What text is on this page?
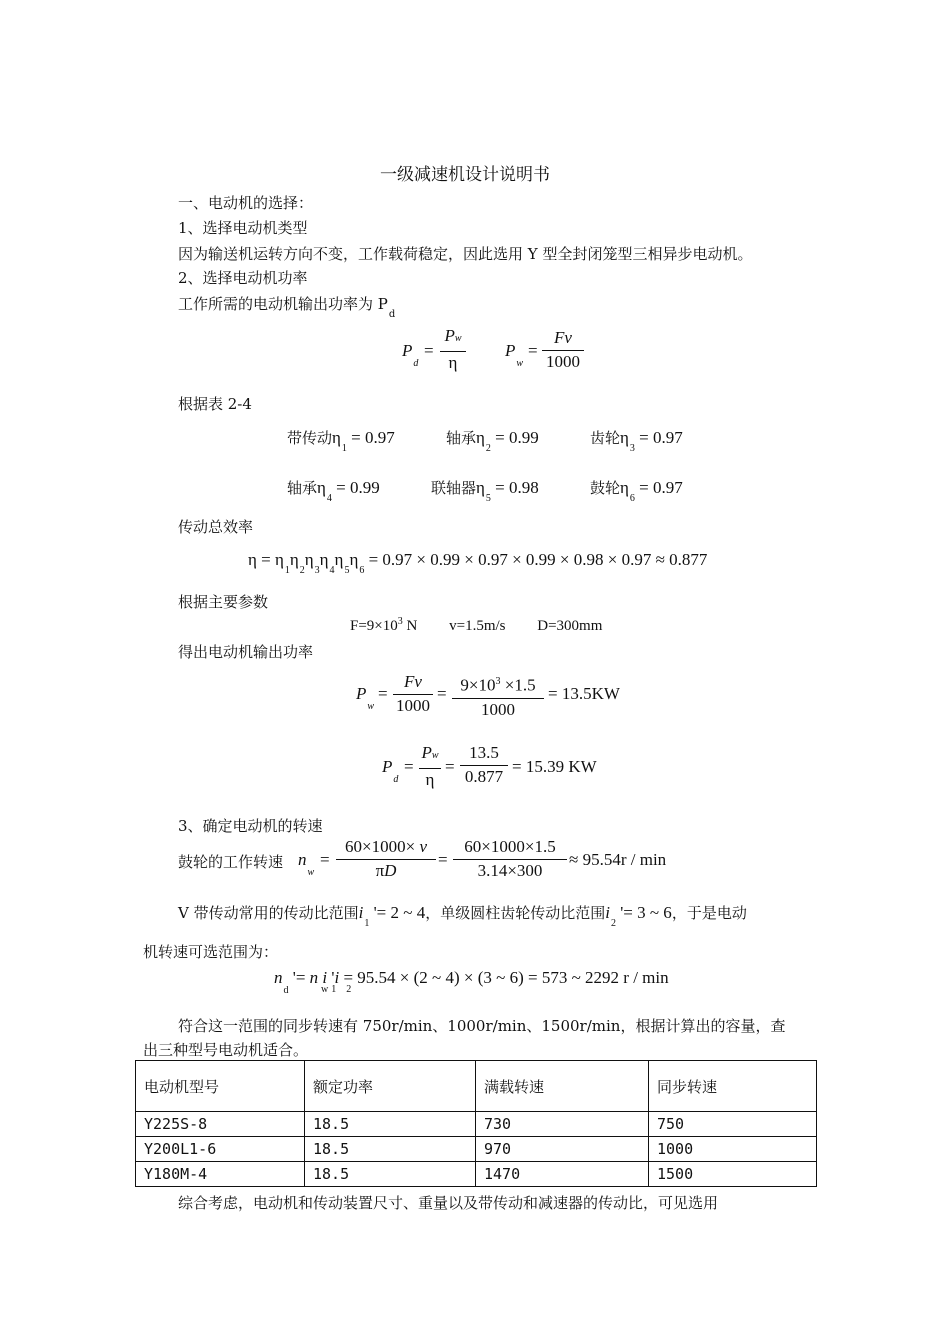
一级减速机设计说明书
一、电动机的选择：
1、选择电动机类型
因为输送机运转方向不变，工作载荷稳定，因此选用 Y 型全封闭笼型三相异步电动机。
2、选择电动机功率
工作所需的电动机输出功率为 $P_d$
$P_d$
= $\frac{Pw}{\eta} P_w$
= $\frac{Fv}{1000}$
根据表 2-4
带传动$\eta_1 = 0.97$	轴承$\eta_2 = 0.99$	齿轮$\eta_3 = 0.97$
轴承$\eta_4 = 0.99$	联轴器$\eta_5 = 0.98$	鼓轮$\eta_6 = 0.97$
传动总效率
$\eta = \eta_1\eta_2\eta_3\eta_4\eta_5\eta_6 = 0.97 \times 0.99 \times 0.97 \times 0.99 \times 0.98 \times 0.97 \approx 0.877$
根据主要参数
$F=9\times 10^3$ N v=1.5m/s D=300mm
得出电动机输出功率
$P_w$
= $\frac{Fv}{1000} = \frac{9\times 10^3 \times 1.5}{1000} = 13.5KW$
$P_d$
= $\frac{Pw}{\eta} = \frac{13.5}{0.877} = 15.39$ KW
3、确定电动机的转速
鼓轮的工作转速 $n_w$
= $\frac{60\times 1000\times v}{\pi D} = \frac{60\times 1000\times 1.5}{3.14\times 300} \approx 95.54r / \min$
V 带传动常用的传动比范围$i_1$ '= 2 ~ 4，单级圆柱齿轮传动比范围$i_2$ '= 3 ~ 6，于是电动
机转速可选范围为：
$n_d$ '= n i 'i = 95.54 × (2 ~ 4) × (3 ~ 6) = 573 ~ 2292 r / min
w 1 2
符合这一范围的同步转速有 750r/min、1000r/min、1500r/min，根据计算出的容量，查
出三种型号电动机适合。
电动机型号	额定功率	满载转速	同步转速
Y225S-8	18.5	730	750
Y200L1-6	18.5	970	1000
Y180M-4	18.5	1470	1500
综合考虑，电动机和传动装置尺寸、重量以及带传动和减速器的传动比，可见选用
